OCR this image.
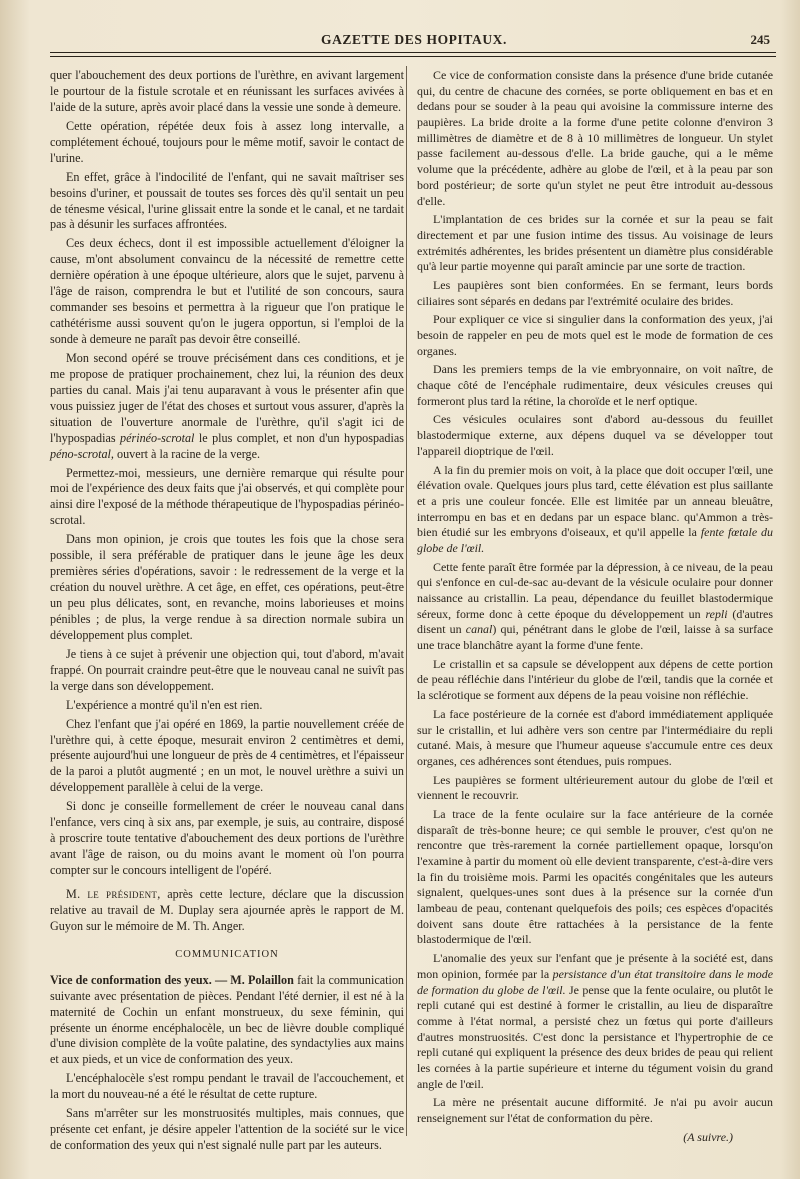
GAZETTE DES HOPITAUX.	245

quer l'abouchement des deux portions de l'urèthre, en avivant largement le pourtour de la fistule scrotale et en réunissant les surfaces avivées à l'aide de la suture, après avoir placé dans la vessie une sonde à demeure.

Cette opération, répétée deux fois à assez long intervalle, a complétement échoué, toujours pour le même motif, savoir le contact de l'urine.

En effet, grâce à l'indocilité de l'enfant, qui ne savait maîtriser ses besoins d'uriner, et poussait de toutes ses forces dès qu'il sentait un peu de ténesme vésical, l'urine glissait entre la sonde et le canal, et ne tardait pas à désunir les surfaces affrontées.

Ces deux échecs, dont il est impossible actuellement d'éloigner la cause, m'ont absolument convaincu de la nécessité de remettre cette dernière opération à une époque ultérieure, alors que le sujet, parvenu à l'âge de raison, comprendra le but et l'utilité de son concours, saura commander ses besoins et permettra à la rigueur que l'on pratique le cathétérisme aussi souvent qu'on le jugera opportun, si l'emploi de la sonde à demeure ne paraît pas devoir être conseillé.

Mon second opéré se trouve précisément dans ces conditions, et je me propose de pratiquer prochainement, chez lui, la réunion des deux parties du canal. Mais j'ai tenu auparavant à vous le présenter afin que vous puissiez juger de l'état des choses et surtout vous assurer, d'après la situation de l'ouverture anormale de l'urèthre, qu'il s'agit ici de l'hypospadias périnéo-scrotal le plus complet, et non d'un hypospadias péno-scrotal, ouvert à la racine de la verge.

Permettez-moi, messieurs, une dernière remarque qui résulte pour moi de l'expérience des deux faits que j'ai observés, et qui complète pour ainsi dire l'exposé de la méthode thérapeutique de l'hypospadias périnéo-scrotal.

Dans mon opinion, je crois que toutes les fois que la chose sera possible, il sera préférable de pratiquer dans le jeune âge les deux premières séries d'opérations, savoir : le redressement de la verge et la création du nouvel urèthre. A cet âge, en effet, ces opérations, peut-être un peu plus délicates, sont, en revanche, moins laborieuses et moins pénibles ; de plus, la verge rendue à sa direction normale subira un développement plus complet.

Je tiens à ce sujet à prévenir une objection qui, tout d'abord, m'avait frappé. On pourrait craindre peut-être que le nouveau canal ne suivît pas la verge dans son développement.

L'expérience a montré qu'il n'en est rien.

Chez l'enfant que j'ai opéré en 1869, la partie nouvellement créée de l'urèthre qui, à cette époque, mesurait environ 2 centimètres et demi, présente aujourd'hui une longueur de près de 4 centimètres, et l'épaisseur de la paroi a plutôt augmenté ; en un mot, le nouvel urèthre a suivi un développement parallèle à celui de la verge.

Si donc je conseille formellement de créer le nouveau canal dans l'enfance, vers cinq à six ans, par exemple, je suis, au contraire, disposé à proscrire toute tentative d'abouchement des deux portions de l'urèthre avant l'âge de raison, ou du moins avant le moment où l'on pourra compter sur le concours intelligent de l'opéré.

M. le président, après cette lecture, déclare que la discussion relative au travail de M. Duplay sera ajournée après le rapport de M. Guyon sur le mémoire de M. Th. Anger.

COMMUNICATION

Vice de conformation des yeux. — M. Polaillon fait la communication suivante avec présentation de pièces. Pendant l'été dernier, il est né à la maternité de Cochin un enfant monstrueux, du sexe féminin, qui présente un énorme encéphalocèle, un bec de lièvre double compliqué d'une division complète de la voûte palatine, des syndactylies aux mains et aux pieds, et un vice de conformation des yeux.

L'encéphalocèle s'est rompu pendant le travail de l'accouchement, et la mort du nouveau-né a été le résultat de cette rupture.

Sans m'arrêter sur les monstruosités multiples, mais connues, que présente cet enfant, je désire appeler l'attention de la société sur le vice de conformation des yeux qui n'est signalé nulle part par les auteurs.

Ce vice de conformation consiste dans la présence d'une bride cutanée qui, du centre de chacune des cornées, se porte obliquement en bas et en dedans pour se souder à la peau qui avoisine la commissure interne des paupières. La bride droite a la forme d'une petite colonne d'environ 3 millimètres de diamètre et de 8 à 10 millimètres de longueur. Un stylet passe facilement au-dessous d'elle. La bride gauche, qui a le même volume que la précédente, adhère au globe de l'œil, et à la peau par son bord postérieur; de sorte qu'un stylet ne peut être introduit au-dessous d'elle.

L'implantation de ces brides sur la cornée et sur la peau se fait directement et par une fusion intime des tissus. Au voisinage de leurs extrémités adhérentes, les brides présentent un diamètre plus considérable qu'à leur partie moyenne qui paraît amincie par une sorte de traction.

Les paupières sont bien conformées. En se fermant, leurs bords ciliaires sont séparés en dedans par l'extrémité oculaire des brides.

Pour expliquer ce vice si singulier dans la conformation des yeux, j'ai besoin de rappeler en peu de mots quel est le mode de formation de ces organes.

Dans les premiers temps de la vie embryonnaire, on voit naître, de chaque côté de l'encéphale rudimentaire, deux vésicules creuses qui formeront plus tard la rétine, la choroïde et le nerf optique.

Ces vésicules oculaires sont d'abord au-dessous du feuillet blastodermique externe, aux dépens duquel va se développer tout l'appareil dioptrique de l'œil.

A la fin du premier mois on voit, à la place que doit occuper l'œil, une élévation ovale. Quelques jours plus tard, cette élévation est plus saillante et a pris une couleur foncée. Elle est limitée par un anneau bleuâtre, interrompu en bas et en dedans par un espace blanc. qu'Ammon a très-bien étudié sur les embryons d'oiseaux, et qu'il appelle la fente fœtale du globe de l'œil.

Cette fente paraît être formée par la dépression, à ce niveau, de la peau qui s'enfonce en cul-de-sac au-devant de la vésicule oculaire pour donner naissance au cristallin. La peau, dépendance du feuillet blastodermique séreux, forme donc à cette époque du développement un repli (d'autres disent un canal) qui, pénétrant dans le globe de l'œil, laisse à sa surface une trace blanchâtre ayant la forme d'une fente.

Le cristallin et sa capsule se développent aux dépens de cette portion de peau réfléchie dans l'intérieur du globe de l'œil, tandis que la cornée et la sclérotique se forment aux dépens de la peau voisine non réfléchie.

La face postérieure de la cornée est d'abord immédiatement appliquée sur le cristallin, et lui adhère vers son centre par l'intermédiaire du repli cutané. Mais, à mesure que l'humeur aqueuse s'accumule entre ces deux organes, ces adhérences sont étendues, puis rompues.

Les paupières se forment ultérieurement autour du globe de l'œil et viennent le recouvrir.

La trace de la fente oculaire sur la face antérieure de la cornée disparaît de très-bonne heure; ce qui semble le prouver, c'est qu'on ne rencontre que très-rarement la cornée partiellement opaque, lorsqu'on l'examine à partir du moment où elle devient transparente, c'est-à-dire vers la fin du troisième mois. Parmi les opacités congénitales que les auteurs signalent, quelques-unes sont dues à la présence sur la cornée d'un lambeau de peau, contenant quelquefois des poils; ces espèces d'opacités doivent sans doute être rattachées à la persistance de la fente blastodermique de l'œil.

L'anomalie des yeux sur l'enfant que je présente à la société est, dans mon opinion, formée par la persistance d'un état transitoire dans le mode de formation du globe de l'œil. Je pense que la fente oculaire, ou plutôt le repli cutané qui est destiné à former le cristallin, au lieu de disparaître comme à l'état normal, a persisté chez un fœtus qui porte d'ailleurs d'autres monstruosités. C'est donc la persistance et l'hypertrophie de ce repli cutané qui expliquent la présence des deux brides de peau qui relient les cornées à la partie supérieure et interne du tégument voisin du grand angle de l'œil.

La mère ne présentait aucune difformité. Je n'ai pu avoir aucun renseignement sur l'état de conformation du père.

(A suivre.)
